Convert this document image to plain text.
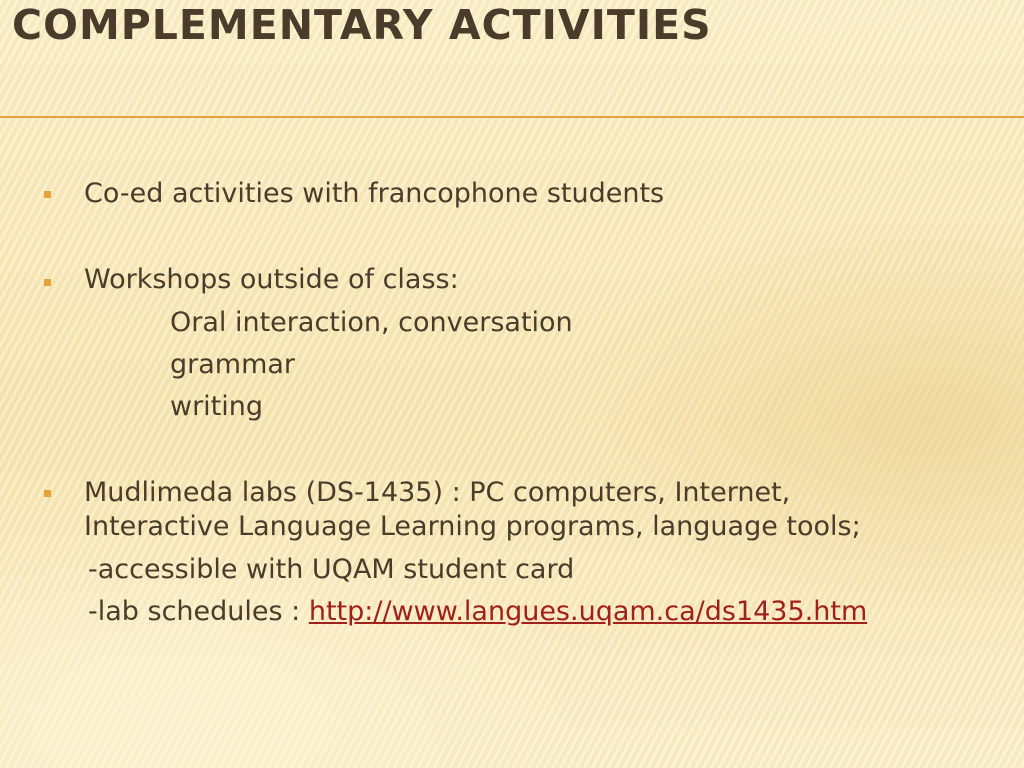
COMPLEMENTARY ACTIVITIES
Co-ed activities with francophone students
Workshops outside of class:
Oral interaction, conversation
grammar
writing
Mudlimeda labs (DS-1435) : PC computers, Internet,
Interactive Language Learning programs, language tools;
-accessible with UQAM student card
-lab schedules : http://www.langues.uqam.ca/ds1435.htm
